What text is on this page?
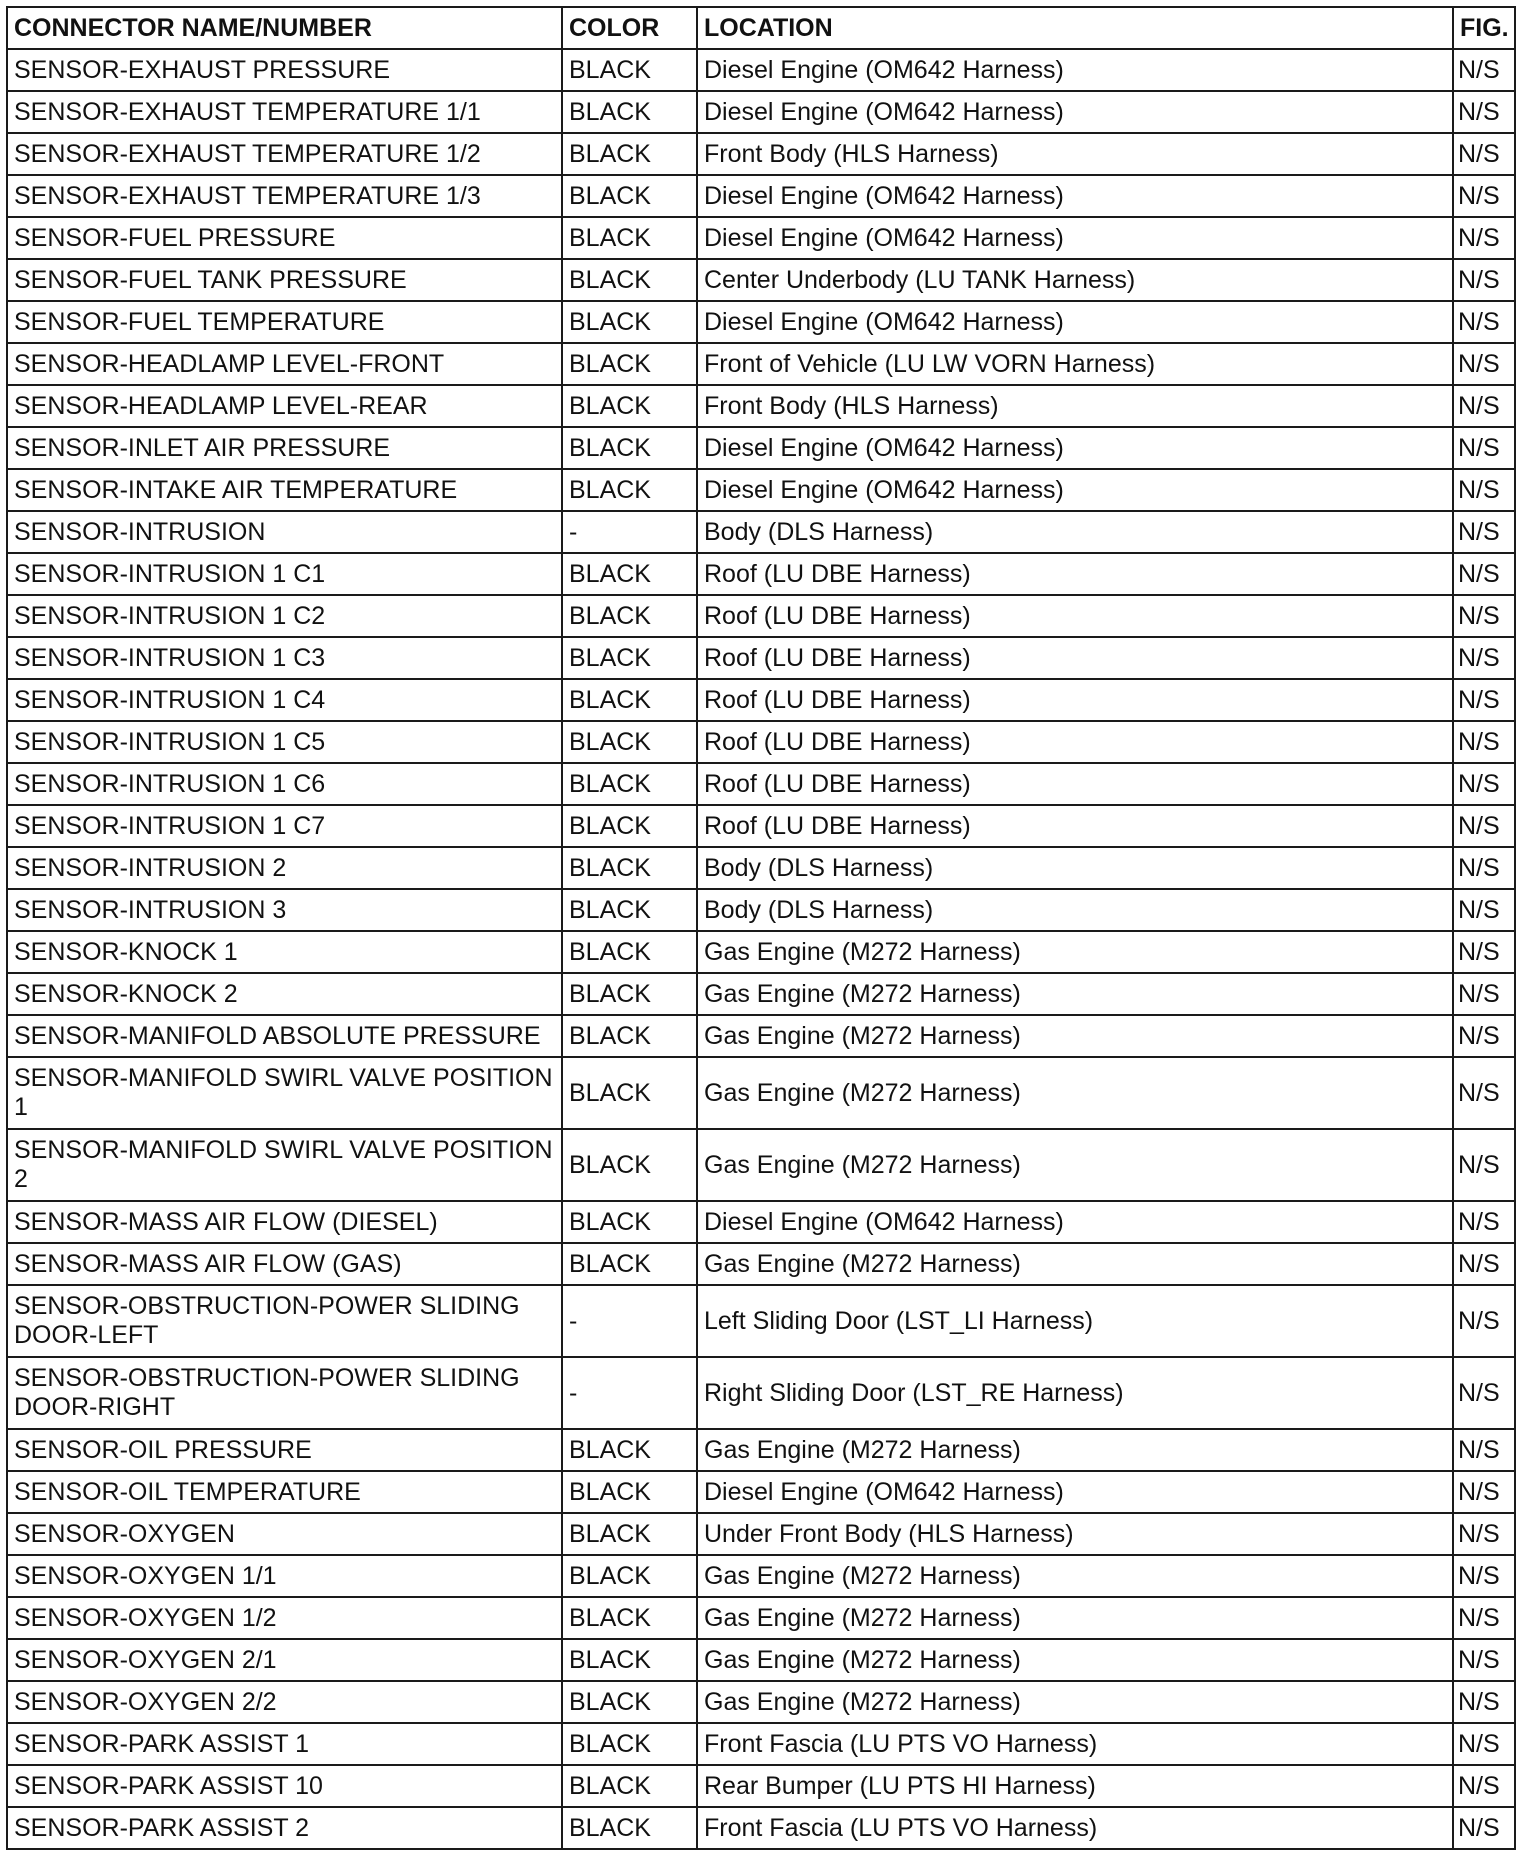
CONNECTOR NAME/NUMBER	COLOR	LOCATION	FIG.
SENSOR-EXHAUST PRESSURE	BLACK	Diesel Engine (OM642 Harness)	N/S
SENSOR-EXHAUST TEMPERATURE 1/1	BLACK	Diesel Engine (OM642 Harness)	N/S
SENSOR-EXHAUST TEMPERATURE 1/2	BLACK	Front Body (HLS Harness)	N/S
SENSOR-EXHAUST TEMPERATURE 1/3	BLACK	Diesel Engine (OM642 Harness)	N/S
SENSOR-FUEL PRESSURE	BLACK	Diesel Engine (OM642 Harness)	N/S
SENSOR-FUEL TANK PRESSURE	BLACK	Center Underbody (LU TANK Harness)	N/S
SENSOR-FUEL TEMPERATURE	BLACK	Diesel Engine (OM642 Harness)	N/S
SENSOR-HEADLAMP LEVEL-FRONT	BLACK	Front of Vehicle (LU LW VORN Harness)	N/S
SENSOR-HEADLAMP LEVEL-REAR	BLACK	Front Body (HLS Harness)	N/S
SENSOR-INLET AIR PRESSURE	BLACK	Diesel Engine (OM642 Harness)	N/S
SENSOR-INTAKE AIR TEMPERATURE	BLACK	Diesel Engine (OM642 Harness)	N/S
SENSOR-INTRUSION	-	Body (DLS Harness)	N/S
SENSOR-INTRUSION 1 C1	BLACK	Roof (LU DBE Harness)	N/S
SENSOR-INTRUSION 1 C2	BLACK	Roof (LU DBE Harness)	N/S
SENSOR-INTRUSION 1 C3	BLACK	Roof (LU DBE Harness)	N/S
SENSOR-INTRUSION 1 C4	BLACK	Roof (LU DBE Harness)	N/S
SENSOR-INTRUSION 1 C5	BLACK	Roof (LU DBE Harness)	N/S
SENSOR-INTRUSION 1 C6	BLACK	Roof (LU DBE Harness)	N/S
SENSOR-INTRUSION 1 C7	BLACK	Roof (LU DBE Harness)	N/S
SENSOR-INTRUSION 2	BLACK	Body (DLS Harness)	N/S
SENSOR-INTRUSION 3	BLACK	Body (DLS Harness)	N/S
SENSOR-KNOCK 1	BLACK	Gas Engine (M272 Harness)	N/S
SENSOR-KNOCK 2	BLACK	Gas Engine (M272 Harness)	N/S
SENSOR-MANIFOLD ABSOLUTE PRESSURE	BLACK	Gas Engine (M272 Harness)	N/S
SENSOR-MANIFOLD SWIRL VALVE POSITION 1	BLACK	Gas Engine (M272 Harness)	N/S
SENSOR-MANIFOLD SWIRL VALVE POSITION 2	BLACK	Gas Engine (M272 Harness)	N/S
SENSOR-MASS AIR FLOW (DIESEL)	BLACK	Diesel Engine (OM642 Harness)	N/S
SENSOR-MASS AIR FLOW (GAS)	BLACK	Gas Engine (M272 Harness)	N/S
SENSOR-OBSTRUCTION-POWER SLIDING DOOR-LEFT	-	Left Sliding Door (LST_LI Harness)	N/S
SENSOR-OBSTRUCTION-POWER SLIDING DOOR-RIGHT	-	Right Sliding Door (LST_RE Harness)	N/S
SENSOR-OIL PRESSURE	BLACK	Gas Engine (M272 Harness)	N/S
SENSOR-OIL TEMPERATURE	BLACK	Diesel Engine (OM642 Harness)	N/S
SENSOR-OXYGEN	BLACK	Under Front Body (HLS Harness)	N/S
SENSOR-OXYGEN 1/1	BLACK	Gas Engine (M272 Harness)	N/S
SENSOR-OXYGEN 1/2	BLACK	Gas Engine (M272 Harness)	N/S
SENSOR-OXYGEN 2/1	BLACK	Gas Engine (M272 Harness)	N/S
SENSOR-OXYGEN 2/2	BLACK	Gas Engine (M272 Harness)	N/S
SENSOR-PARK ASSIST 1	BLACK	Front Fascia (LU PTS VO Harness)	N/S
SENSOR-PARK ASSIST 10	BLACK	Rear Bumper (LU PTS HI Harness)	N/S
SENSOR-PARK ASSIST 2	BLACK	Front Fascia (LU PTS VO Harness)	N/S
